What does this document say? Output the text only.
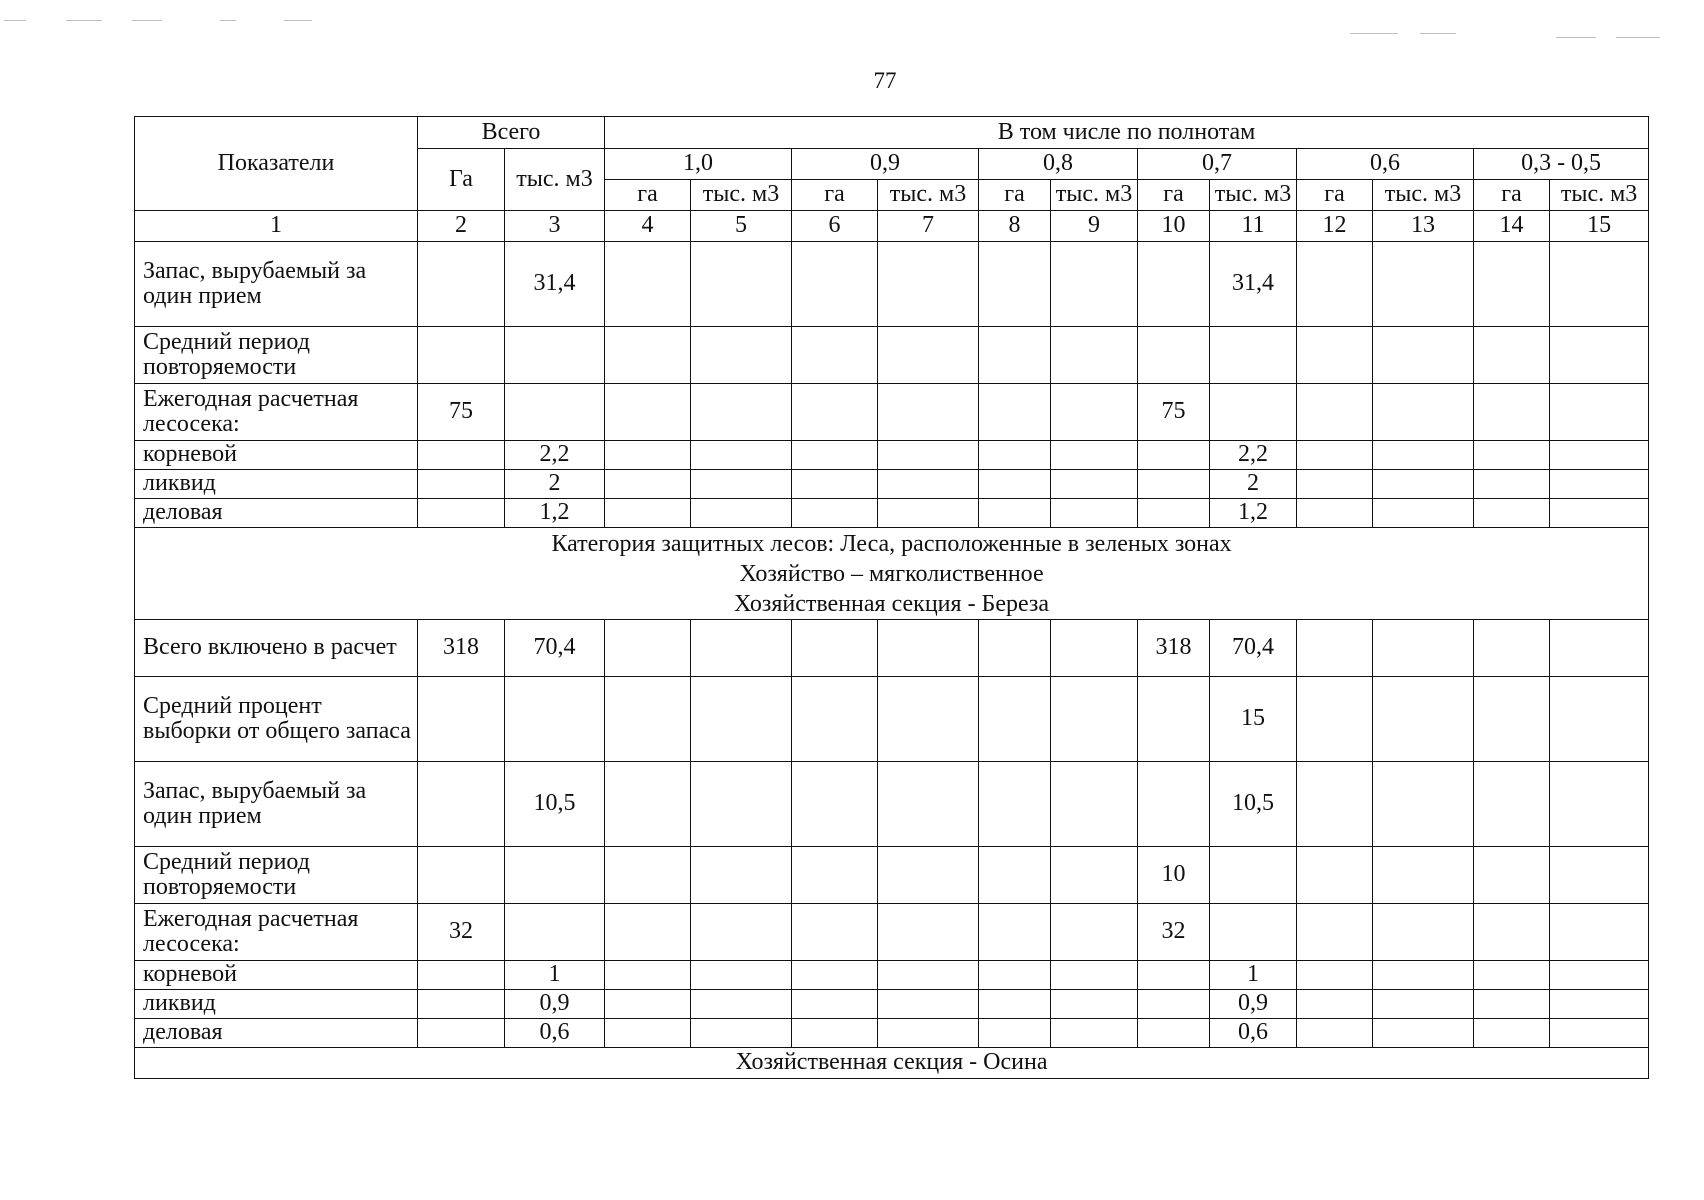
77
Показатели	Всего		В том числе по полнотам											
	Га	тыс. м3	1,0		0,9		0,8		0,7		0,6		0,3 - 0,5	
			га	тыс. м3	га	тыс. м3	га	тыс. м3	га	тыс. м3	га	тыс. м3	га	тыс. м3
1	2	3	4	5	6	7	8	9	10	11	12	13	14	15
Запас, вырубаемый за один прием		31,4								31,4				
Средний период повторяемости														
Ежегодная расчетная лесосека:	75								75					
корневой		2,2								2,2				
ликвид		2								2				
деловая		1,2								1,2				

Категория защитных лесов: Леса, расположенные в зеленых зонах
Хозяйство – мягколиственное
Хозяйственная секция - Береза														

Всего включено в расчет	318	70,4							318	70,4				
Средний процент выборки от общего запаса										15				
Запас, вырубаемый за один прием		10,5								10,5				
Средний период повторяемости									10					
Ежегодная расчетная лесосека:	32								32					
корневой		1								1				
ликвид		0,9								0,9				
деловая		0,6								0,6				
Хозяйственная секция - Осина														
